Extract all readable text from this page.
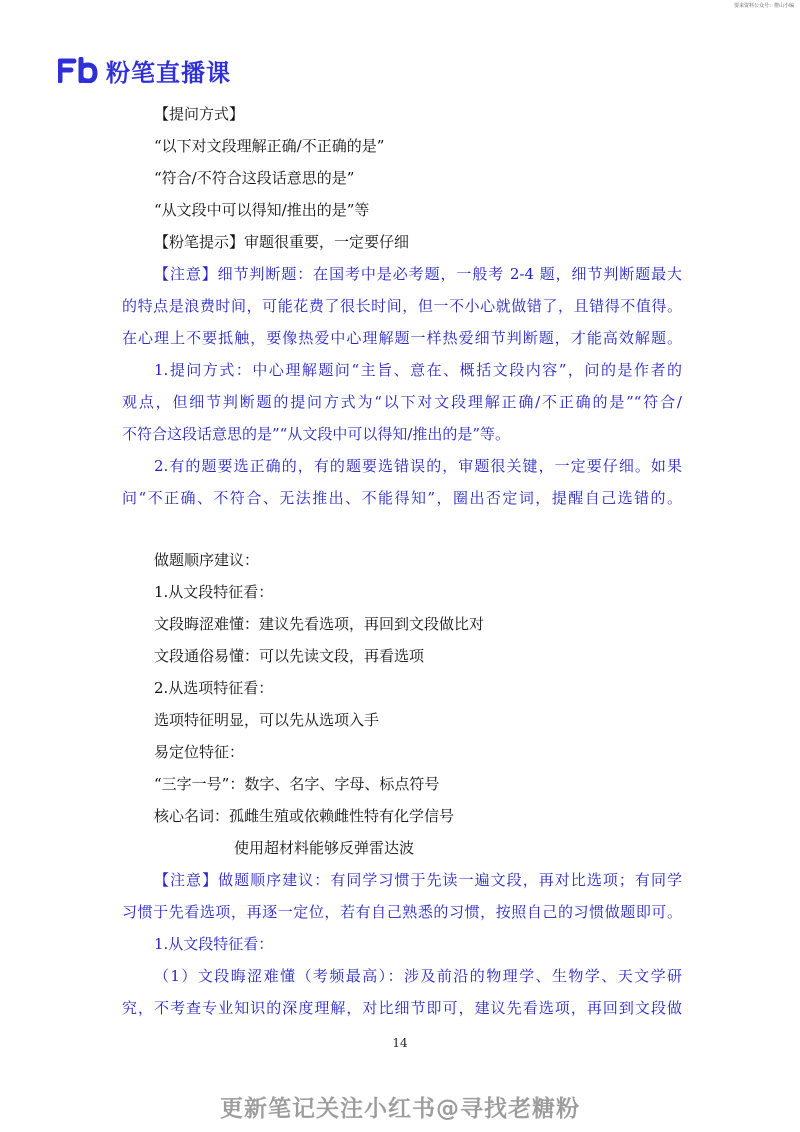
要来资料公众号：橙山小编
粉笔直播课
【提问方式】
“以下对文段理解正确/不正确的是”
“符合/不符合这段话意思的是”
“从文段中可以得知/推出的是”等
【粉笔提示】审题很重要，一定要仔细
【注意】细节判断题：在国考中是必考题，一般考 2-4 题，细节判断题最大
的特点是浪费时间，可能花费了很长时间，但一不小心就做错了，且错得不值得。
在心理上不要抵触，要像热爱中心理解题一样热爱细节判断题，才能高效解题。
1.提问方式：中心理解题问“主旨、意在、概括文段内容”，问的是作者的
观点，但细节判断题的提问方式为“以下对文段理解正确/不正确的是”“符合/
不符合这段话意思的是”“从文段中可以得知/推出的是”等。
2.有的题要选正确的，有的题要选错误的，审题很关键，一定要仔细。如果
问“不正确、不符合、无法推出、不能得知”，圈出否定词，提醒自己选错的。
做题顺序建议：
1.从文段特征看：
文段晦涩难懂：建议先看选项，再回到文段做比对
文段通俗易懂：可以先读文段，再看选项
2.从选项特征看：
选项特征明显，可以先从选项入手
易定位特征：
“三字一号”：数字、名字、字母、标点符号
核心名词：孤雌生殖或依赖雌性特有化学信号
使用超材料能够反弹雷达波
【注意】做题顺序建议：有同学习惯于先读一遍文段，再对比选项；有同学
习惯于先看选项，再逐一定位，若有自己熟悉的习惯，按照自己的习惯做题即可。
1.从文段特征看：
（1）文段晦涩难懂（考频最高）：涉及前沿的物理学、生物学、天文学研
究，不考查专业知识的深度理解，对比细节即可，建议先看选项，再回到文段做
14
更新笔记关注小红书@寻找老糖粉
